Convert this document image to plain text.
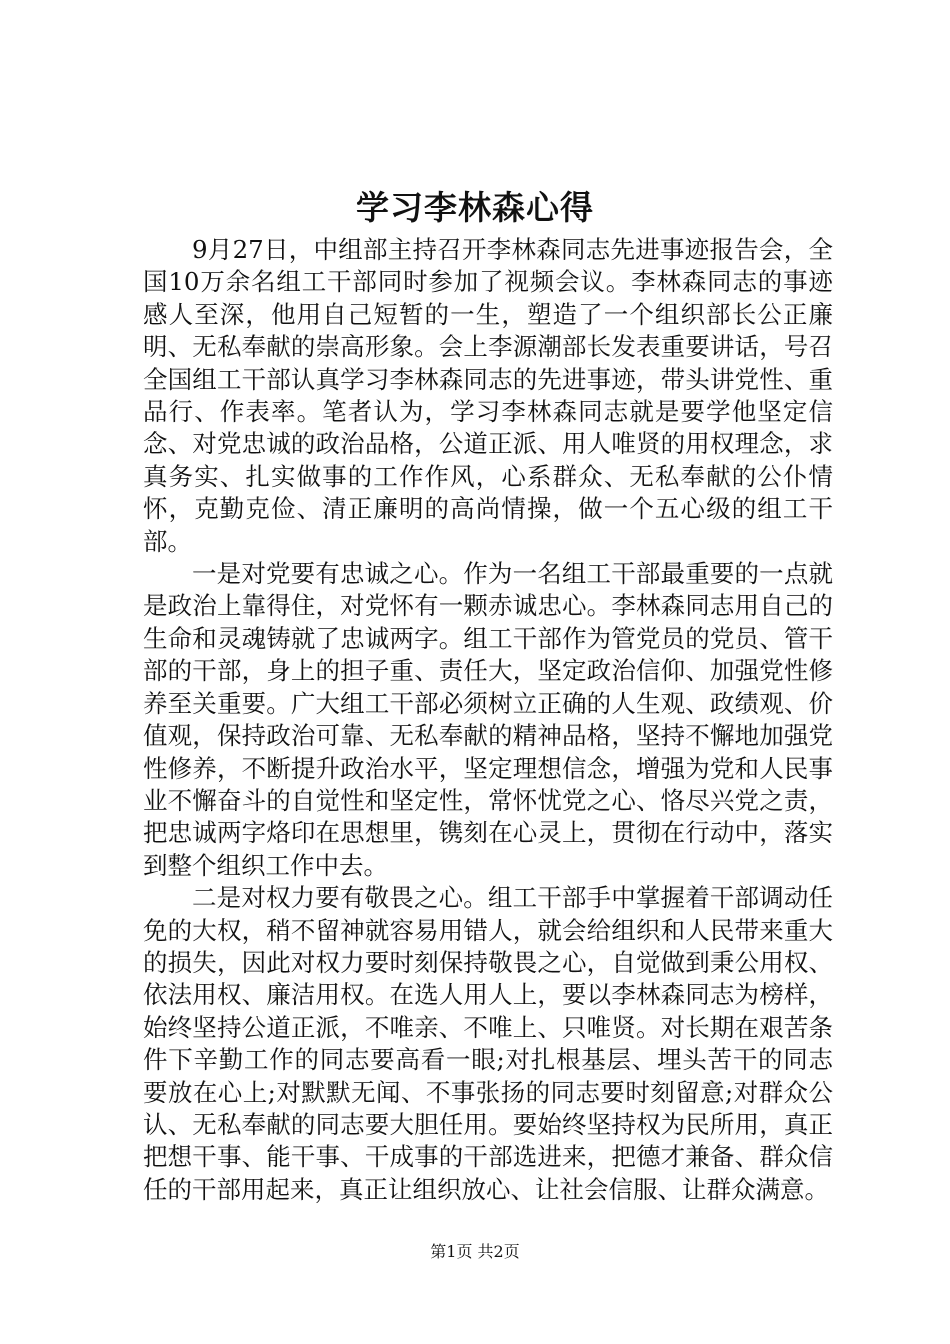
学习李林森心得

9月27日，中组部主持召开李林森同志先进事迹报告会，全国10万余名组工干部同时参加了视频会议。李林森同志的事迹感人至深，他用自己短暂的一生，塑造了一个组织部长公正廉明、无私奉献的崇高形象。会上李源潮部长发表重要讲话，号召全国组工干部认真学习李林森同志的先进事迹，带头讲党性、重品行、作表率。笔者认为，学习李林森同志就是要学他坚定信念、对党忠诚的政治品格，公道正派、用人唯贤的用权理念，求真务实、扎实做事的工作作风，心系群众、无私奉献的公仆情怀，克勤克俭、清正廉明的高尚情操，做一个五心级的组工干部。

一是对党要有忠诚之心。作为一名组工干部最重要的一点就是政治上靠得住，对党怀有一颗赤诚忠心。李林森同志用自己的生命和灵魂铸就了忠诚两字。组工干部作为管党员的党员、管干部的干部，身上的担子重、责任大，坚定政治信仰、加强党性修养至关重要。广大组工干部必须树立正确的人生观、政绩观、价值观，保持政治可靠、无私奉献的精神品格，坚持不懈地加强党性修养，不断提升政治水平，坚定理想信念，增强为党和人民事业不懈奋斗的自觉性和坚定性，常怀忧党之心、恪尽兴党之责，把忠诚两字烙印在思想里，镌刻在心灵上，贯彻在行动中，落实到整个组织工作中去。

二是对权力要有敬畏之心。组工干部手中掌握着干部调动任免的大权，稍不留神就容易用错人，就会给组织和人民带来重大的损失，因此对权力要时刻保持敬畏之心，自觉做到秉公用权、依法用权、廉洁用权。在选人用人上，要以李林森同志为榜样，始终坚持公道正派，不唯亲、不唯上、只唯贤。对长期在艰苦条件下辛勤工作的同志要高看一眼;对扎根基层、埋头苦干的同志要放在心上;对默默无闻、不事张扬的同志要时刻留意;对群众公认、无私奉献的同志要大胆任用。要始终坚持权为民所用，真正把想干事、能干事、干成事的干部选进来，把德才兼备、群众信任的干部用起来，真正让组织放心、让社会信服、让群众满意。

第1页 共2页
